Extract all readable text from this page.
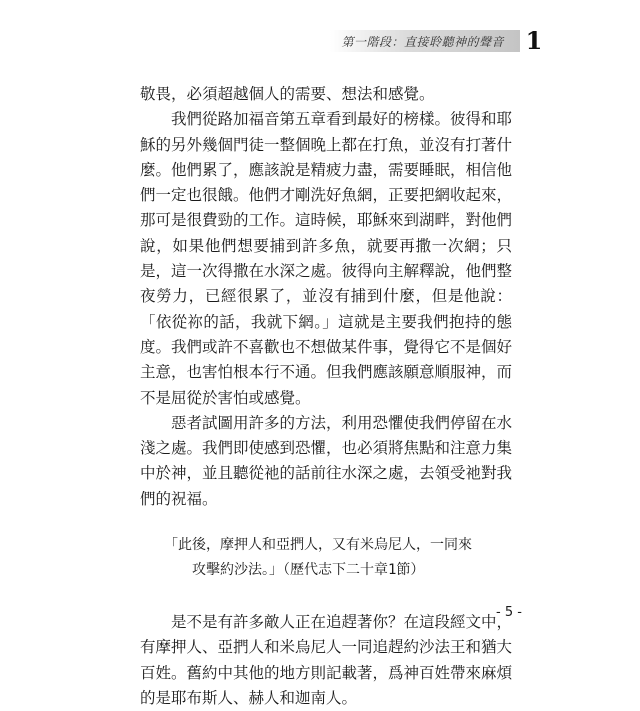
第一階段：直接聆聽神的聲音 1

敬畏，必須超越個人的需要、想法和感覺。

我們從路加福音第五章看到最好的榜樣。彼得和耶穌的另外幾個門徒一整個晚上都在打魚，並沒有打著什麼。他們累了，應該說是精疲力盡，需要睡眠，相信他們一定也很餓。他們才剛洗好魚網，正要把網收起來，那可是很費勁的工作。這時候，耶穌來到湖畔，對他們說，如果他們想要捕到許多魚，就要再撒一次網；只是，這一次得撒在水深之處。彼得向主解釋說，他們整夜勞力，已經很累了，並沒有捕到什麼，但是他說：「依從祢的話，我就下網。」這就是主要我們抱持的態度。我們或許不喜歡也不想做某件事，覺得它不是個好主意，也害怕根本行不通。但我們應該願意順服神，而不是屈從於害怕或感覺。

惡者試圖用許多的方法，利用恐懼使我們停留在水淺之處。我們即使感到恐懼，也必須將焦點和注意力集中於神，並且聽從祂的話前往水深之處，去領受祂對我們的祝福。

「此後，摩押人和亞捫人，又有米烏尼人，一同來
攻擊約沙法。」（歷代志下二十章1節）

是不是有許多敵人正在追趕著你？在這段經文中，有摩押人、亞捫人和米烏尼人一同追趕約沙法王和猶大百姓。舊約中其他的地方則記載著，爲神百姓帶來麻煩的是耶布斯人、赫人和迦南人。

- 5 -
